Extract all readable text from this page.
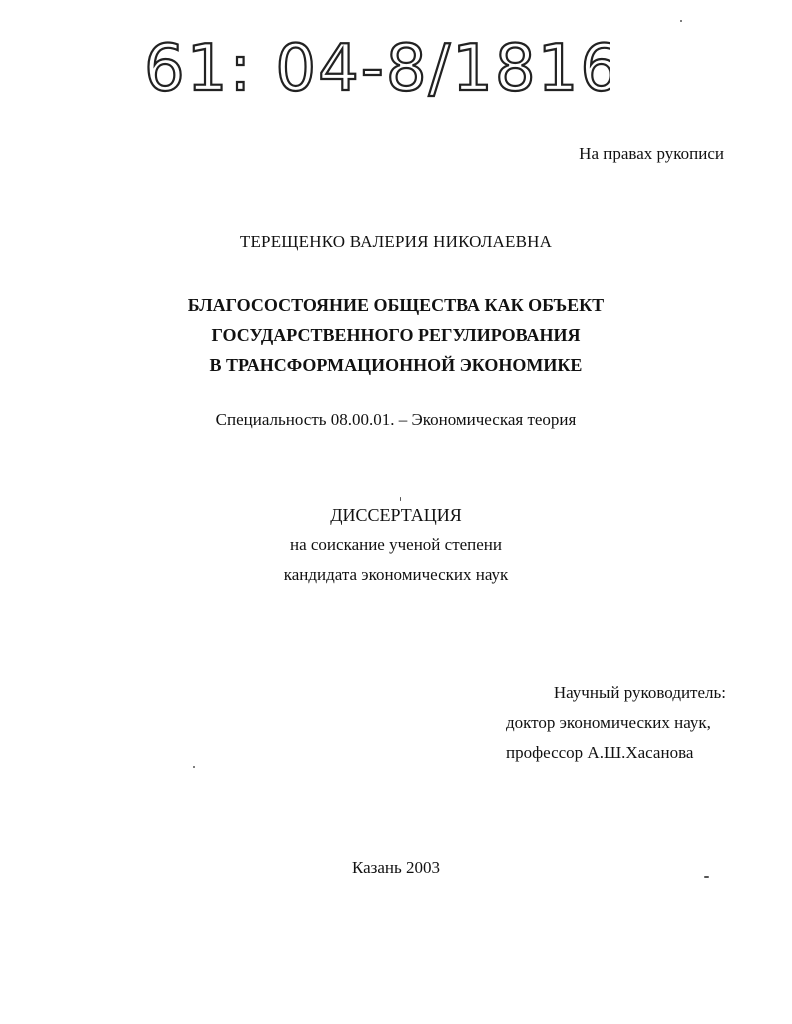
61: 04-8/1816
На правах рукописи
ТЕРЕЩЕНКО ВАЛЕРИЯ НИКОЛАЕВНА
БЛАГОСОСТОЯНИЕ ОБЩЕСТВА КАК ОБЪЕКТ
ГОСУДАРСТВЕННОГО РЕГУЛИРОВАНИЯ
В ТРАНСФОРМАЦИОННОЙ ЭКОНОМИКЕ
Специальность 08.00.01. – Экономическая теория
ДИССЕРТАЦИЯ
на соискание ученой степени
кандидата экономических наук
Научный руководитель:
доктор экономических наук,
профессор А.Ш.Хасанова
Казань 2003
